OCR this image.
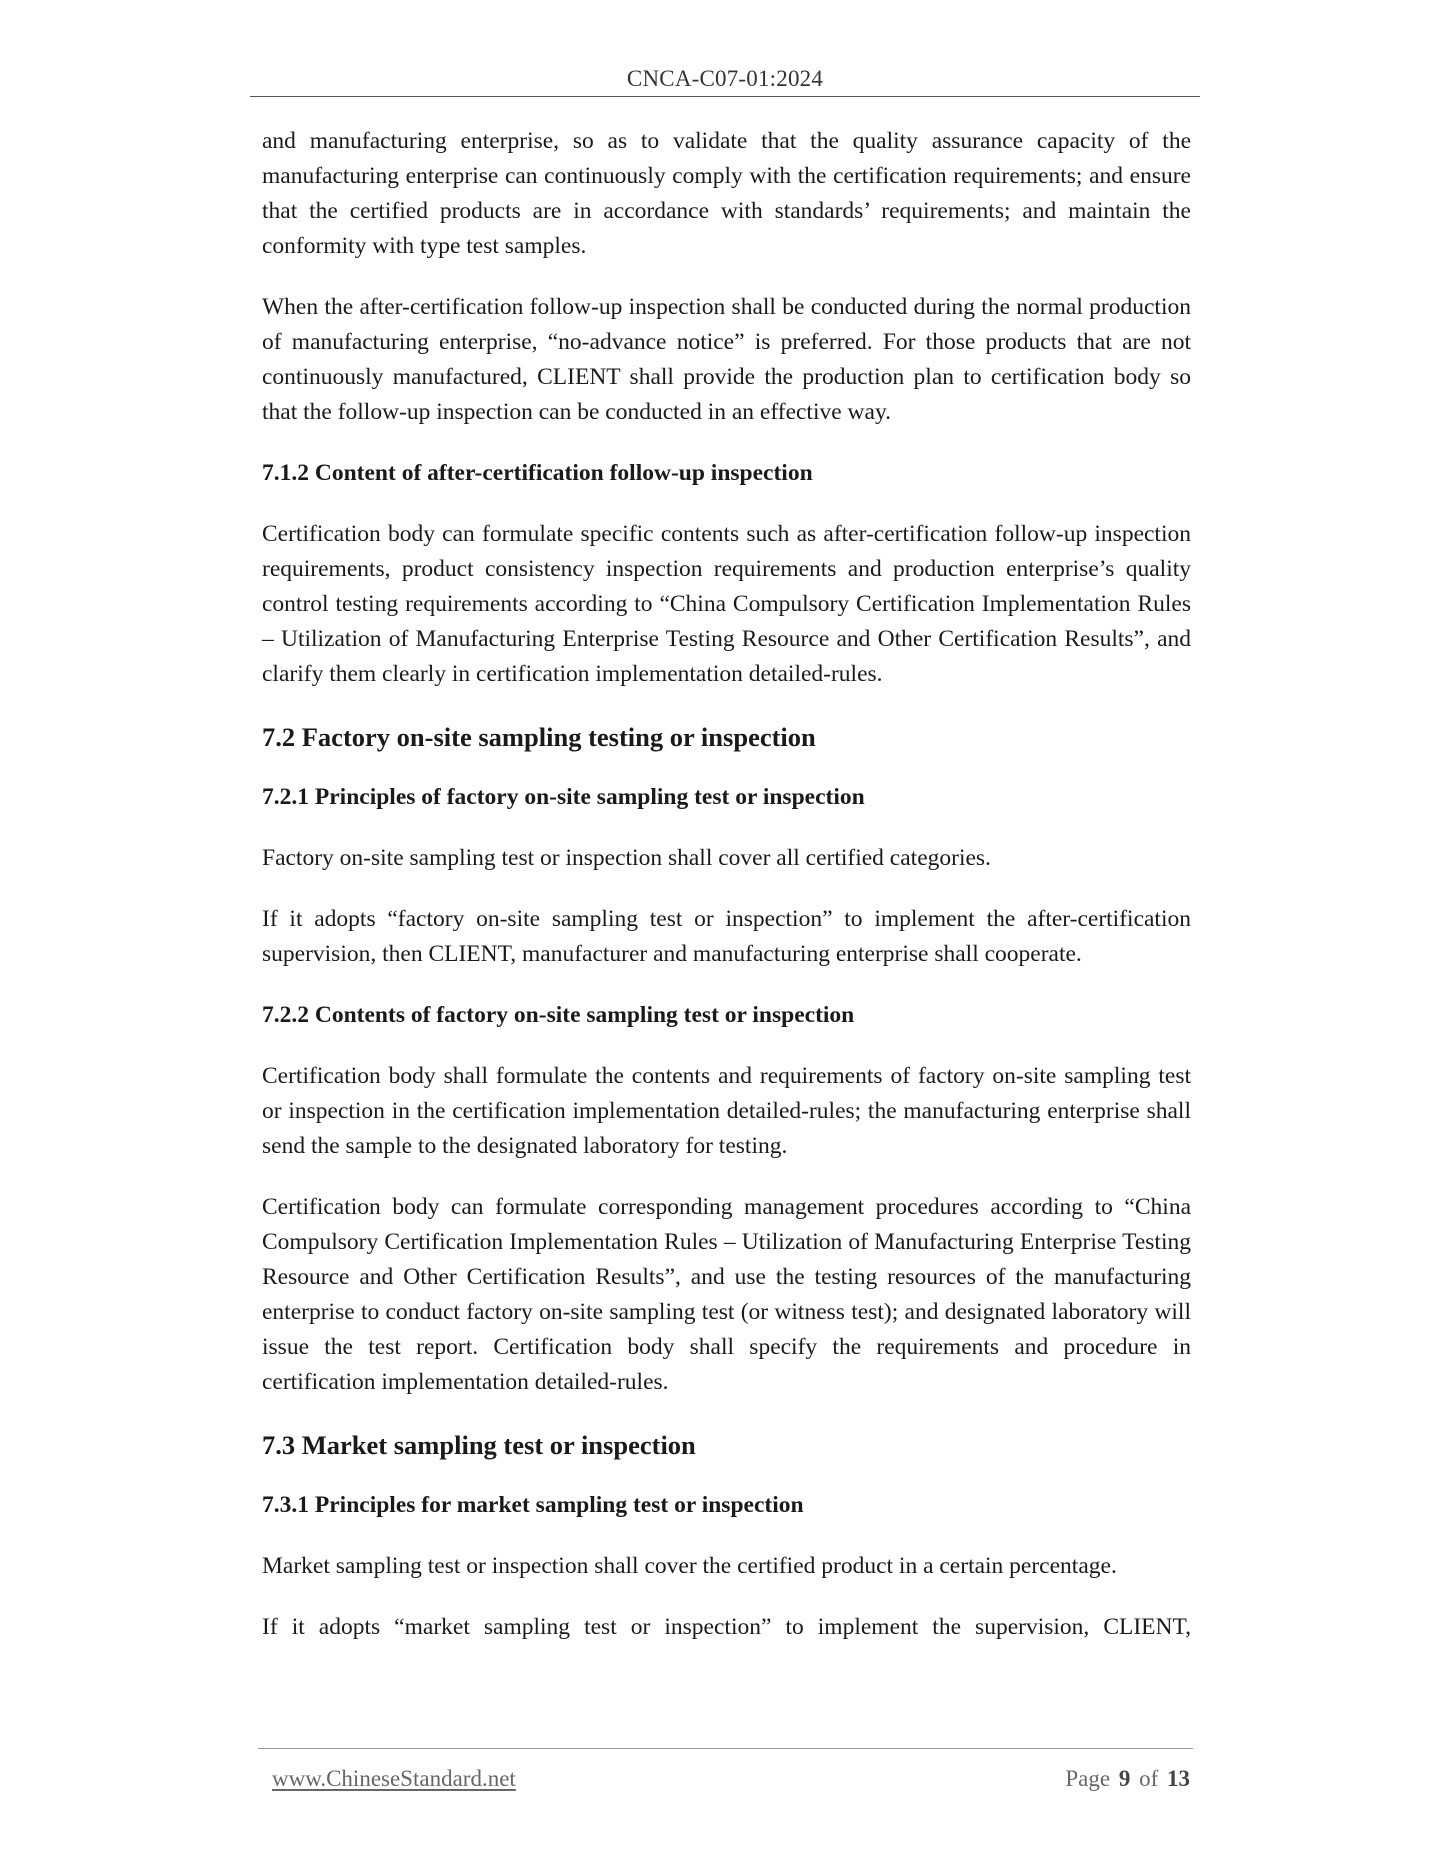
CNCA-C07-01:2024

and manufacturing enterprise, so as to validate that the quality assurance capacity of the manufacturing enterprise can continuously comply with the certification requirements; and ensure that the certified products are in accordance with standards’ requirements; and maintain the conformity with type test samples.

When the after-certification follow-up inspection shall be conducted during the normal production of manufacturing enterprise, “no-advance notice” is preferred. For those products that are not continuously manufactured, CLIENT shall provide the production plan to certification body so that the follow-up inspection can be conducted in an effective way.

7.1.2 Content of after-certification follow-up inspection

Certification body can formulate specific contents such as after-certification follow-up inspection requirements, product consistency inspection requirements and production enterprise’s quality control testing requirements according to “China Compulsory Certification Implementation Rules – Utilization of Manufacturing Enterprise Testing Resource and Other Certification Results”, and clarify them clearly in certification implementation detailed-rules.

7.2 Factory on-site sampling testing or inspection
7.2.1 Principles of factory on-site sampling test or inspection

Factory on-site sampling test or inspection shall cover all certified categories.

If it adopts “factory on-site sampling test or inspection” to implement the after-certification supervision, then CLIENT, manufacturer and manufacturing enterprise shall cooperate.

7.2.2 Contents of factory on-site sampling test or inspection

Certification body shall formulate the contents and requirements of factory on-site sampling test or inspection in the certification implementation detailed-rules; the manufacturing enterprise shall send the sample to the designated laboratory for testing.

Certification body can formulate corresponding management procedures according to “China Compulsory Certification Implementation Rules – Utilization of Manufacturing Enterprise Testing Resource and Other Certification Results”, and use the testing resources of the manufacturing enterprise to conduct factory on-site sampling test (or witness test); and designated laboratory will issue the test report. Certification body shall specify the requirements and procedure in certification implementation detailed-rules.

7.3 Market sampling test or inspection
7.3.1 Principles for market sampling test or inspection

Market sampling test or inspection shall cover the certified product in a certain percentage.

If it adopts “market sampling test or inspection” to implement the supervision, CLIENT,

www.ChineseStandard.net	Page 9 of 13
